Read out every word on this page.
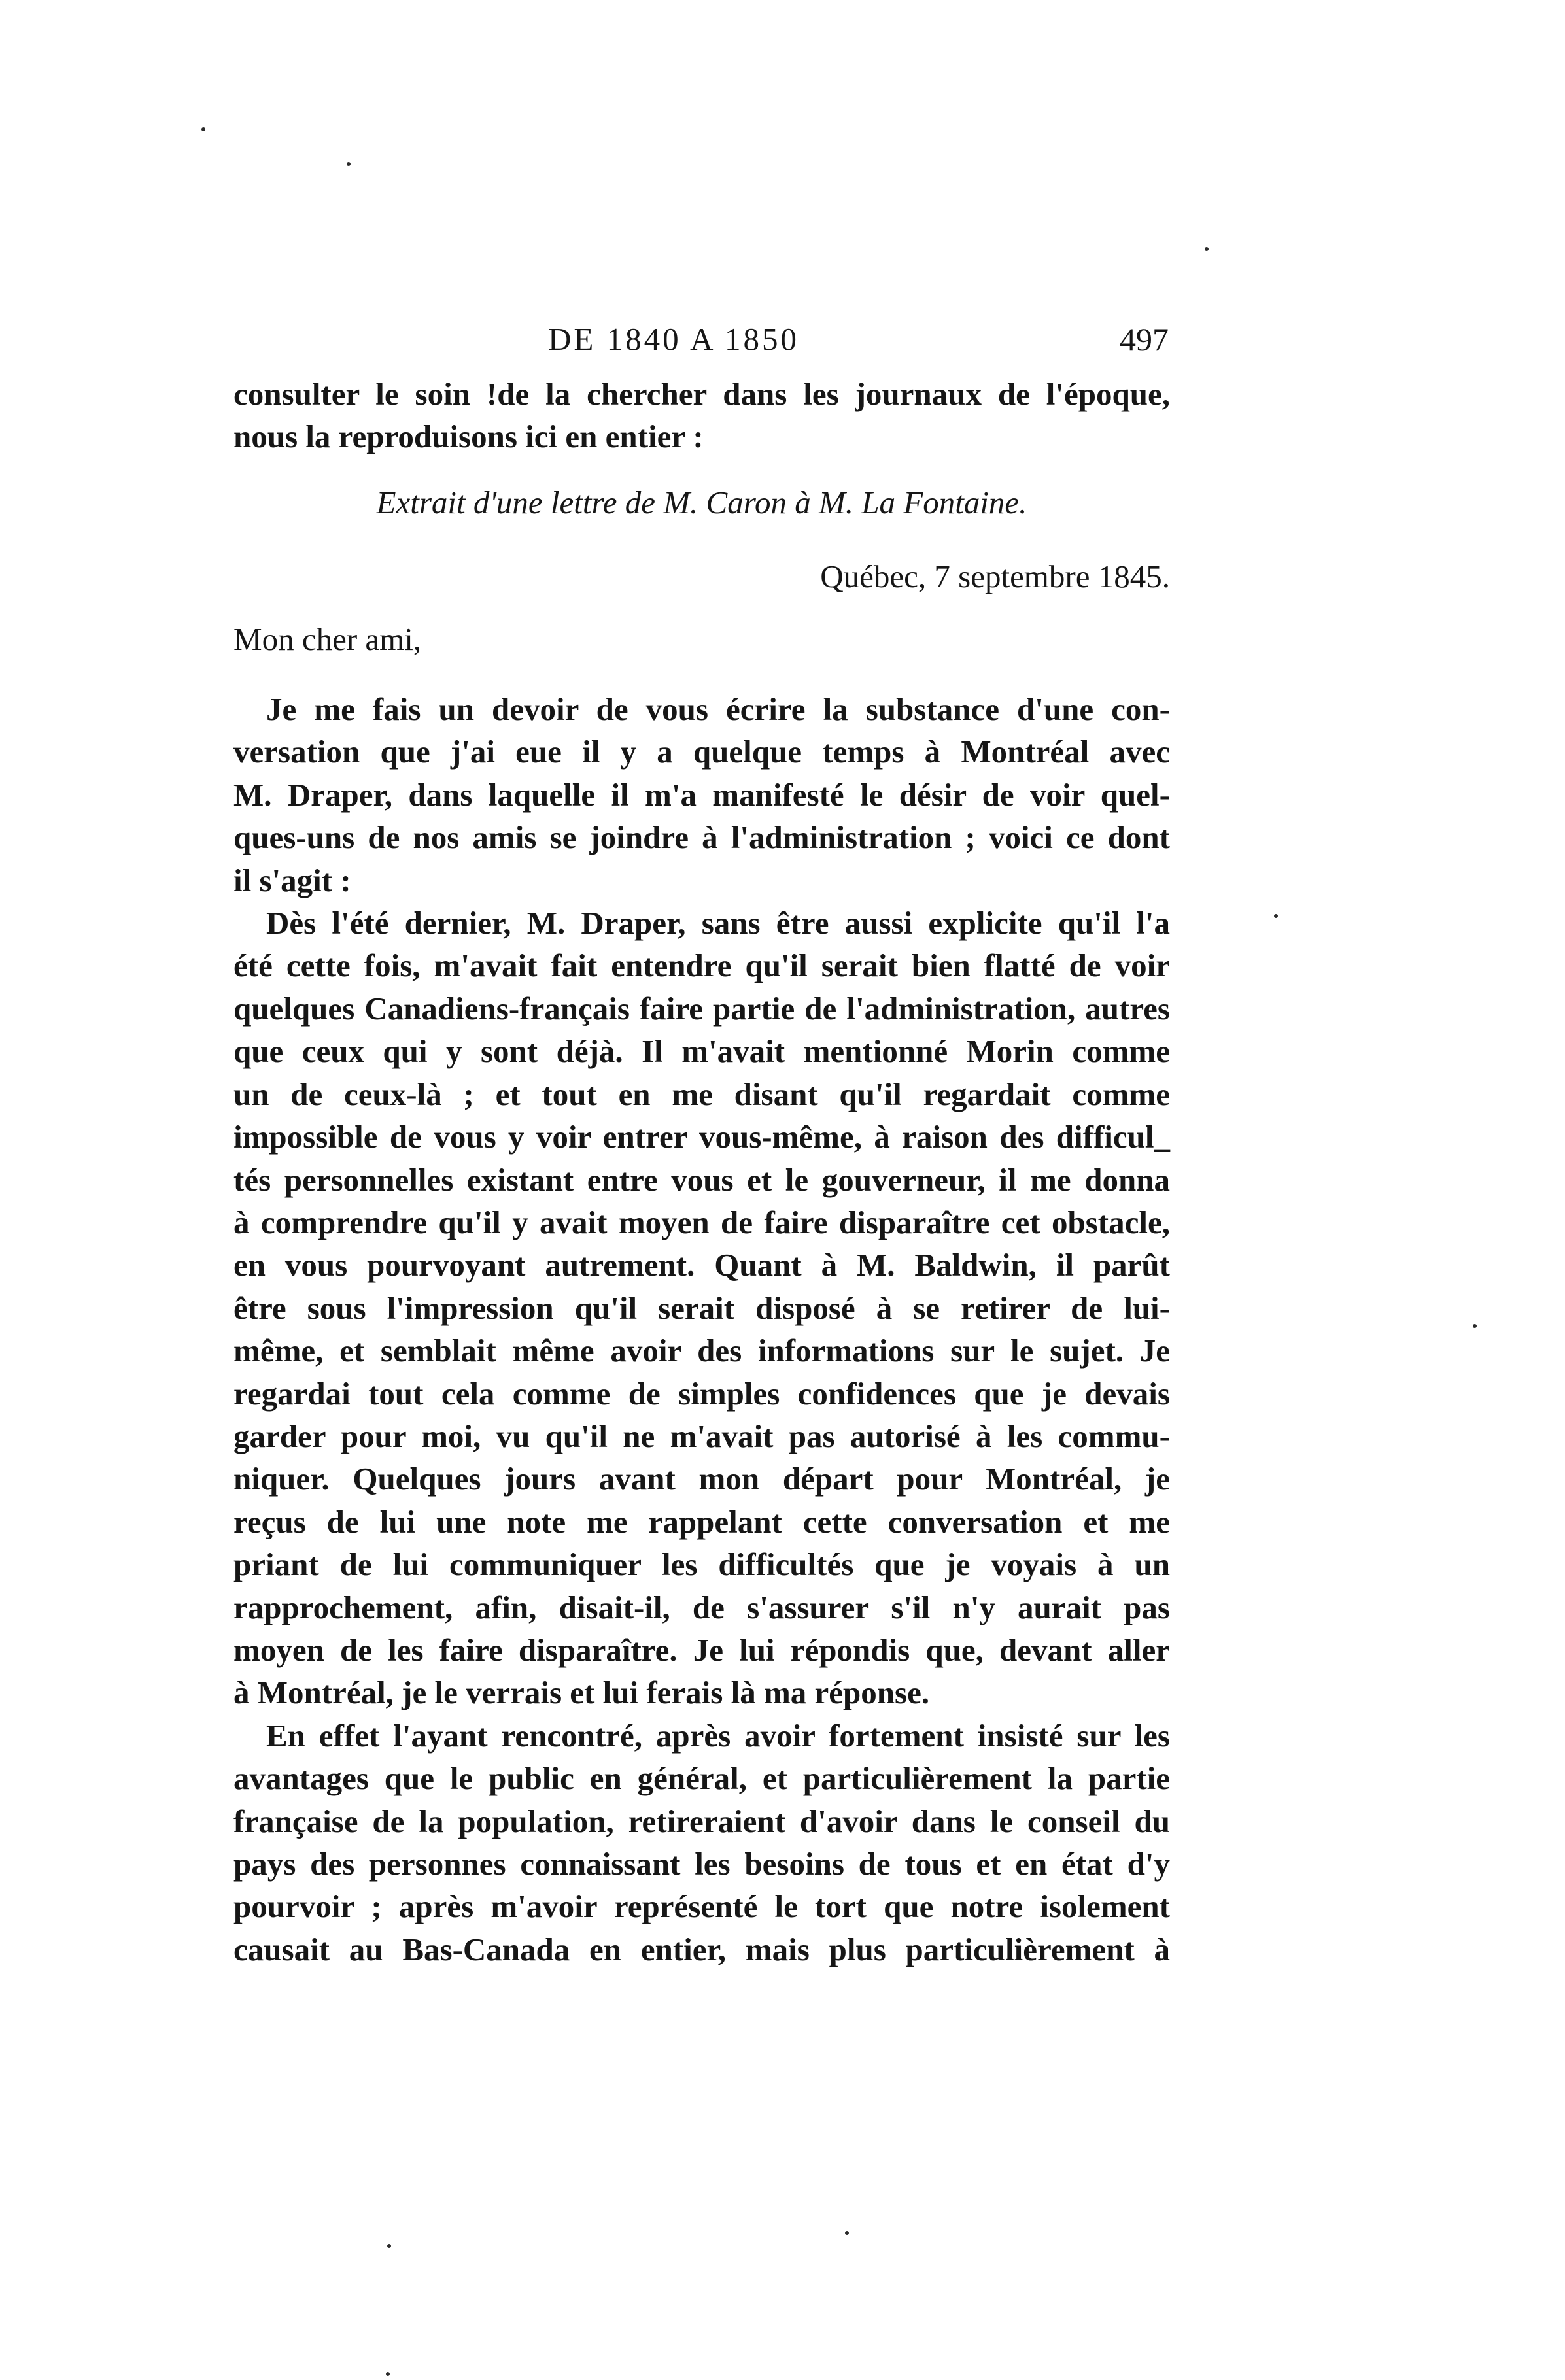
DE 1840 A 1850	497

consulter le soin !de la chercher dans les journaux de l'époque,

nous la reproduisons ici en entier :

Extrait d'une lettre de M. Caron à M. La Fontaine.

Québec, 7 septembre 1845.

Mon cher ami,

Je me fais un devoir de vous écrire la substance d'une con-

versation que j'ai eue il y a quelque temps à Montréal avec

M. Draper, dans laquelle il m'a manifesté le désir de voir quel-

ques-uns de nos amis se joindre à l'administration ; voici ce dont

il s'agit :

Dès l'été dernier, M. Draper, sans être aussi explicite qu'il l'a

été cette fois, m'avait fait entendre qu'il serait bien flatté de voir

quelques Canadiens-français faire partie de l'administration, autres

que ceux qui y sont déjà. Il m'avait mentionné Morin comme

un de ceux-là ; et tout en me disant qu'il regardait comme

impossible de vous y voir entrer vous-même, à raison des difficul_

tés personnelles existant entre vous et le gouverneur, il me donna

à comprendre qu'il y avait moyen de faire disparaître cet obstacle,

en vous pourvoyant autrement. Quant à M. Baldwin, il parût

être sous l'impression qu'il serait disposé à se retirer de lui-

même, et semblait même avoir des informations sur le sujet. Je

regardai tout cela comme de simples confidences que je devais

garder pour moi, vu qu'il ne m'avait pas autorisé à les commu-

niquer. Quelques jours avant mon départ pour Montréal, je

reçus de lui une note me rappelant cette conversation et me

priant de lui communiquer les difficultés que je voyais à un

rapprochement, afin, disait-il, de s'assurer s'il n'y aurait pas

moyen de les faire disparaître. Je lui répondis que, devant aller

à Montréal, je le verrais et lui ferais là ma réponse.

En effet l'ayant rencontré, après avoir fortement insisté sur les

avantages que le public en général, et particulièrement la partie

française de la population, retireraient d'avoir dans le conseil du

pays des personnes connaissant les besoins de tous et en état d'y

pourvoir ; après m'avoir représenté le tort que notre isolement

causait au Bas-Canada en entier, mais plus particulièrement à
